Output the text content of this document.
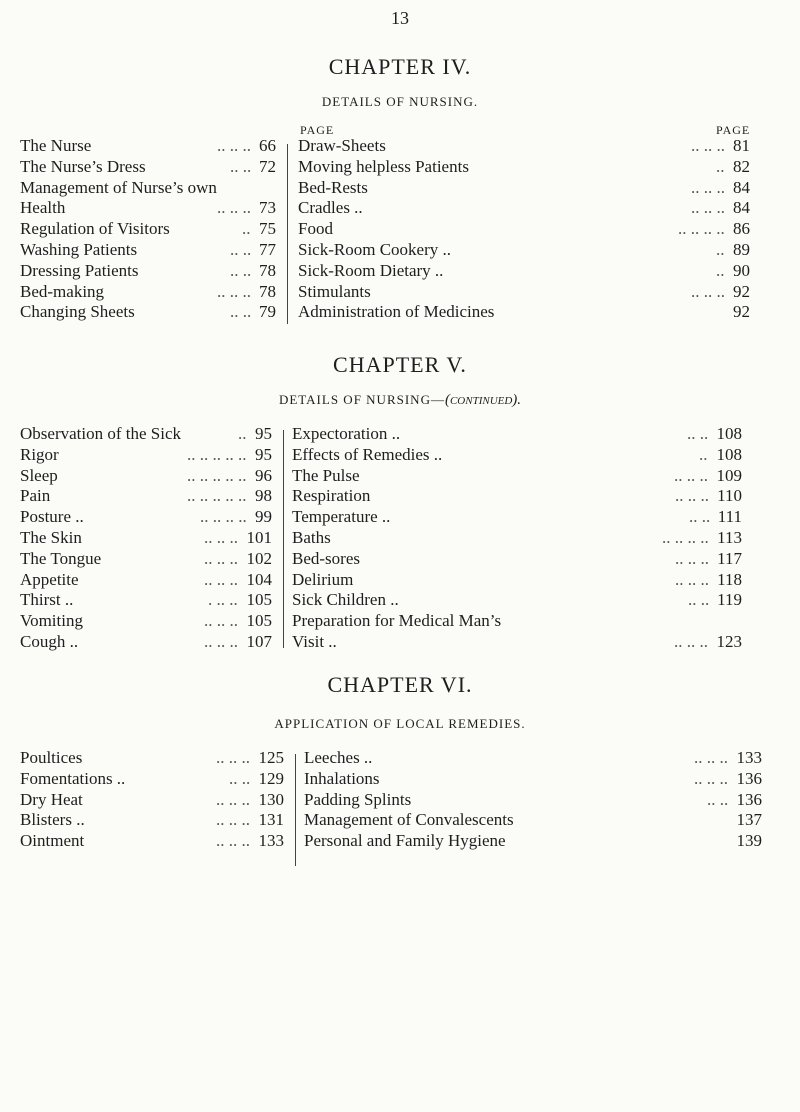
13
CHAPTER IV.
DETAILS OF NURSING.
PAGE	PAGE
The Nurse	.. .. .. 66
The Nurse’s Dress	.. .. 72
Management of Nurse’s own
Health	.. .. .. 73
Regulation of Visitors	.. 75
Washing Patients	.. .. 77
Dressing Patients	.. .. 78
Bed-making	.. .. .. 78
Changing Sheets	.. .. 79
Draw-Sheets	.. .. .. 81
Moving helpless Patients	.. 82
Bed-Rests	.. .. .. 84
Cradles ..	.. .. .. 84
Food	.. .. .. .. 86
Sick-Room Cookery ..	.. 89
Sick-Room Dietary ..	.. 90
Stimulants	.. .. .. 92
Administration of Medicines	92
CHAPTER V.
DETAILS OF NURSING—(continued).
Observation of the Sick	.. 95
Rigor	.. .. .. .. .. 95
Sleep	.. .. .. .. .. 96
Pain	.. .. .. .. .. 98
Posture ..	.. .. .. .. 99
The Skin	.. .. .. 101
The Tongue	.. .. .. 102
Appetite	.. .. .. 104
Thirst ..	. .. .. 105
Vomiting	.. .. .. 105
Cough ..	.. .. .. 107
Expectoration ..	.. .. 108
Effects of Remedies ..	.. 108
The Pulse	.. .. .. 109
Respiration	.. .. .. 110
Temperature ..	.. .. 111
Baths	.. .. .. .. 113
Bed-sores	.. .. .. 117
Delirium	.. .. .. 118
Sick Children ..	.. .. 119
Preparation for Medical Man’s
Visit ..	.. .. .. 123
CHAPTER VI.
APPLICATION OF LOCAL REMEDIES.
Poultices	.. .. .. 125
Fomentations ..	.. .. 129
Dry Heat	.. .. .. 130
Blisters ..	.. .. .. 131
Ointment	.. .. .. 133
Leeches ..	.. .. .. 133
Inhalations	.. .. .. 136
Padding Splints	.. .. 136
Management of Convalescents	137
Personal and Family Hygiene	139
